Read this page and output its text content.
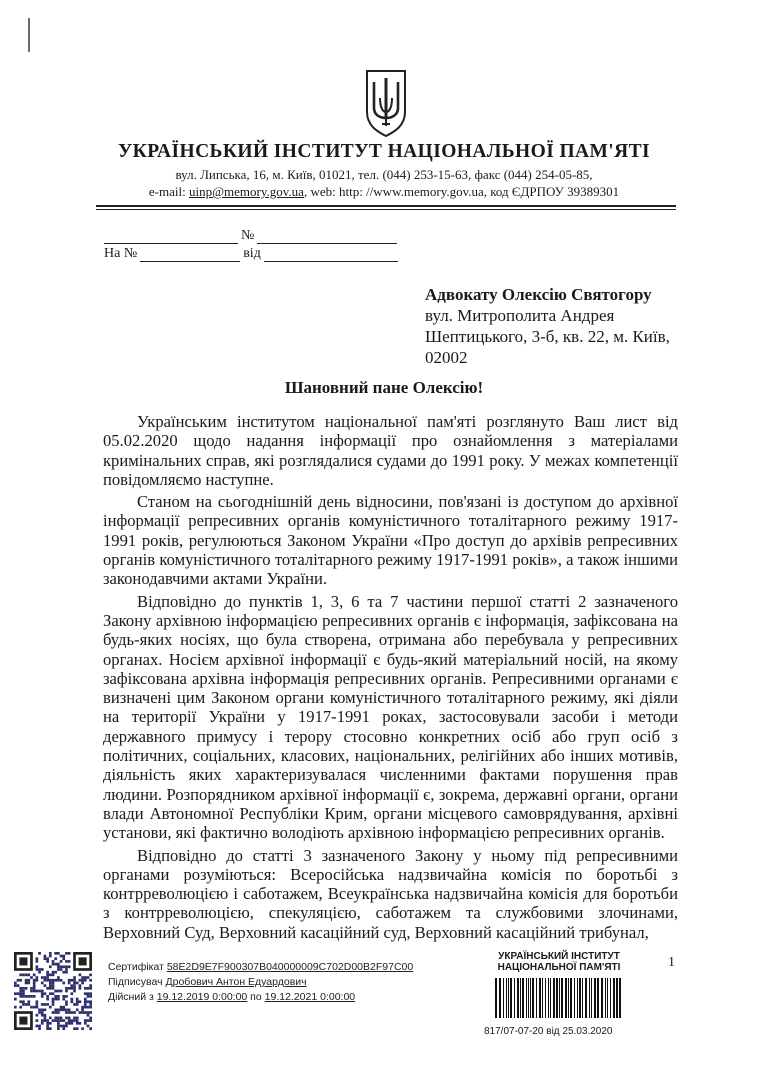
УКРАЇНСЬКИЙ ІНСТИТУТ НАЦІОНАЛЬНОЇ ПАМ'ЯТІ
вул. Липська, 16, м. Київ, 01021, тел. (044) 253-15-63, факс (044) 254-05-85,
e-mail: uinp@memory.gov.ua, web: http: //www.memory.gov.ua, код ЄДРПОУ 39389301
№
На №	від
Адвокату Олексію Святогору
вул. Митрополита Андрея
Шептицького, 3-б, кв. 22, м. Київ,
02002
Шановний пане Олексію!

Українським інститутом національної пам'яті розглянуто Ваш лист від 05.02.2020 щодо надання інформації про ознайомлення з матеріалами кримінальних справ, які розглядалися судами до 1991 року. У межах компетенції повідомляємо наступне.

Станом на сьогоднішній день відносини, пов'язані із доступом до архівної інформації репресивних органів комуністичного тоталітарного режиму 1917-1991 років, регулюються Законом України «Про доступ до архівів репресивних органів комуністичного тоталітарного режиму 1917-1991 років», а також іншими законодавчими актами України.

Відповідно до пунктів 1, 3, 6 та 7 частини першої статті 2 зазначеного Закону архівною інформацією репресивних органів є інформація, зафіксована на будь-яких носіях, що була створена, отримана або перебувала у репресивних органах. Носієм архівної інформації є будь-який матеріальний носій, на якому зафіксована архівна інформація репресивних органів. Репресивними органами є визначені цим Законом органи комуністичного тоталітарного режиму, які діяли на території України у 1917-1991 роках, застосовували засоби і методи державного примусу і терору стосовно конкретних осіб або груп осіб з політичних, соціальних, класових, національних, релігійних або інших мотивів, діяльність яких характеризувалася численними фактами порушення прав людини. Розпорядником архівної інформації є, зокрема, державні органи, органи влади Автономної Республіки Крим, органи місцевого самоврядування, архівні установи, які фактично володіють архівною інформацією репресивних органів.

Відповідно до статті 3 зазначеного Закону у ньому під репресивними органами розуміються: Всеросійська надзвичайна комісія по боротьбі з контрреволюцією і саботажем, Всеукраїнська надзвичайна комісія для боротьби з контрреволюцією, спекуляцією, саботажем та службовими злочинами, Верховний Суд, Верховний касаційний суд, Верховний касаційний трибунал,

Сертифікат 58E2D9E7F900307B040000009C702D00B2F97C00
Підписувач Дробович Антон Едуардович
Дійсний з 19.12.2019 0:00:00 по 19.12.2021 0:00:00
УКРАЇНСЬКИЙ ІНСТИТУТ
НАЦІОНАЛЬНОЇ ПАМ'ЯТІ	1
817/07-07-20 від 25.03.2020
